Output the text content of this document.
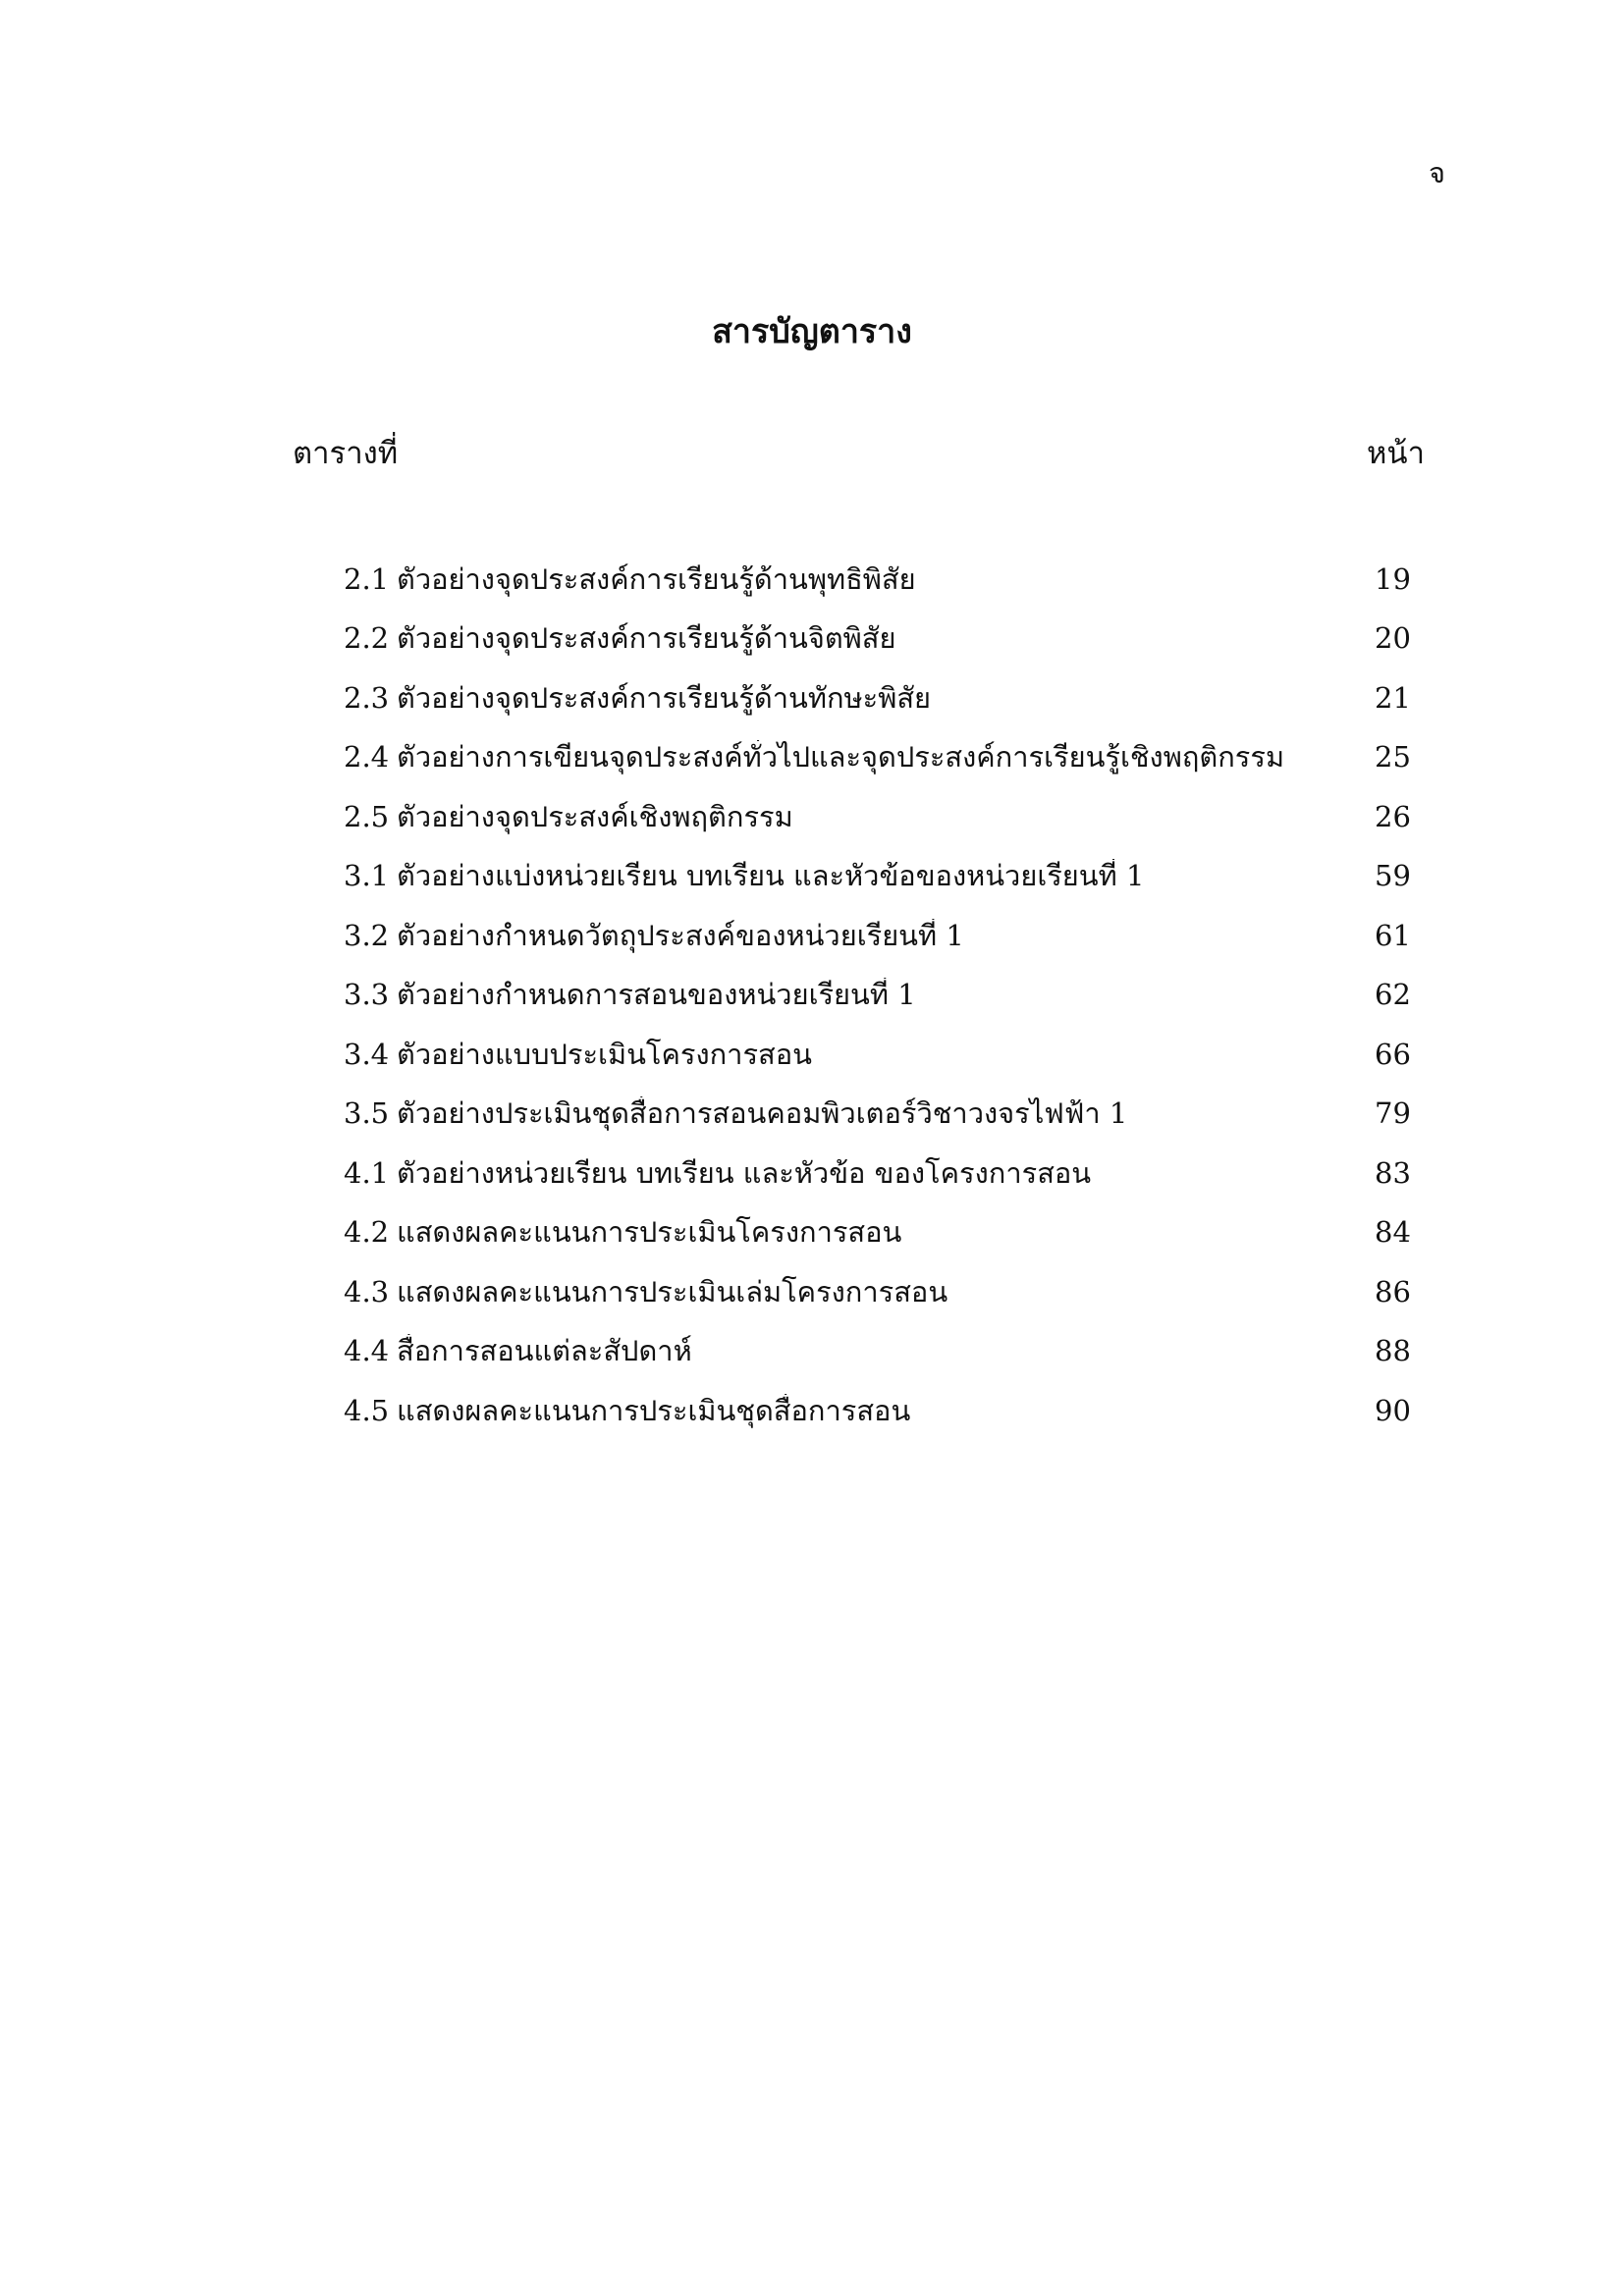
จ
สารบัญตาราง
ตารางที่	หน้า
2.1 ตัวอย่างจุดประสงค์การเรียนรู้ด้านพุทธิพิสัย	19
2.2 ตัวอย่างจุดประสงค์การเรียนรู้ด้านจิตพิสัย	20
2.3 ตัวอย่างจุดประสงค์การเรียนรู้ด้านทักษะพิสัย	21
2.4 ตัวอย่างการเขียนจุดประสงค์ทั่วไปและจุดประสงค์การเรียนรู้เชิงพฤติกรรม	25
2.5 ตัวอย่างจุดประสงค์เชิงพฤติกรรม	26
3.1 ตัวอย่างแบ่งหน่วยเรียน บทเรียน และหัวข้อของหน่วยเรียนที่ 1	59
3.2 ตัวอย่างกำหนดวัตถุประสงค์ของหน่วยเรียนที่ 1	61
3.3 ตัวอย่างกำหนดการสอนของหน่วยเรียนที่ 1	62
3.4 ตัวอย่างแบบประเมินโครงการสอน	66
3.5 ตัวอย่างประเมินชุดสื่อการสอนคอมพิวเตอร์วิชาวงจรไฟฟ้า 1	79
4.1 ตัวอย่างหน่วยเรียน บทเรียน และหัวข้อ ของโครงการสอน	83
4.2 แสดงผลคะแนนการประเมินโครงการสอน	84
4.3 แสดงผลคะแนนการประเมินเล่มโครงการสอน	86
4.4 สื่อการสอนแต่ละสัปดาห์	88
4.5 แสดงผลคะแนนการประเมินชุดสื่อการสอน	90
